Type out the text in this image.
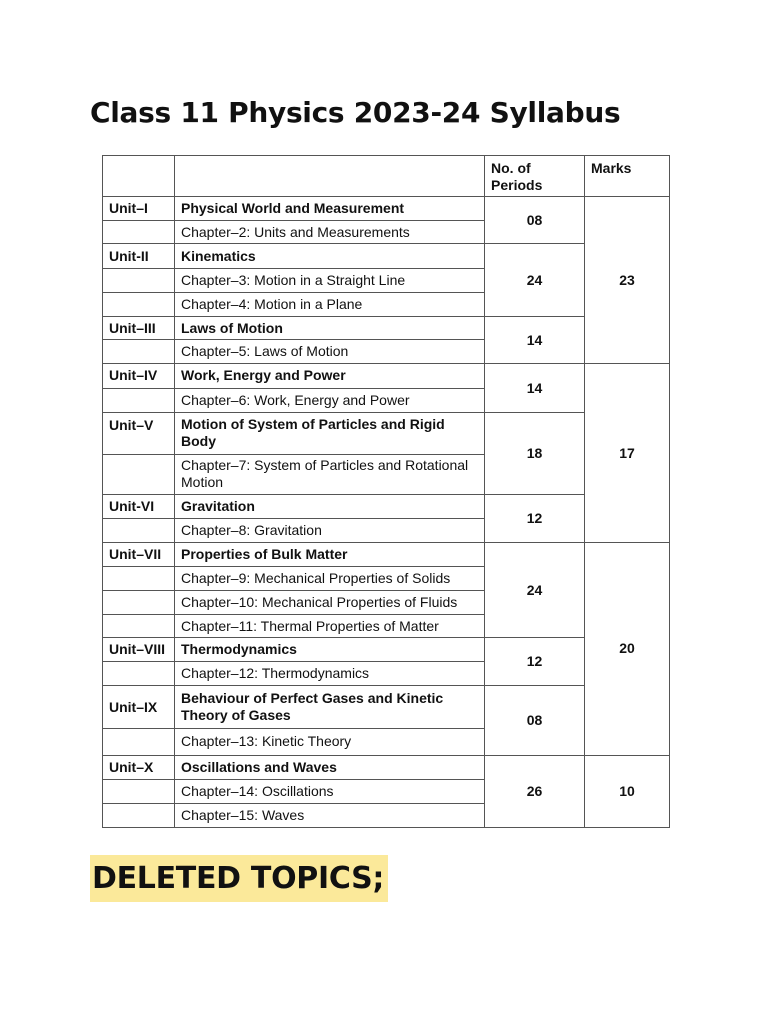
Class 11 Physics 2023-24 Syllabus
		No. of Periods	Marks
Unit–I	Physical World and Measurement	08	23
	Chapter–2: Units and Measurements		
Unit-II	Kinematics	24	
	Chapter–3: Motion in a Straight Line		
	Chapter–4: Motion in a Plane		
Unit–III	Laws of Motion	14	
	Chapter–5: Laws of Motion		
Unit–IV	Work, Energy and Power	14	17
	Chapter–6: Work, Energy and Power		
Unit–V	Motion of System of Particles and Rigid Body	18	
	Chapter–7: System of Particles and Rotational Motion		
Unit-VI	Gravitation	12	
	Chapter–8: Gravitation		
Unit–VII	Properties of Bulk Matter	24	20
	Chapter–9: Mechanical Properties of Solids		
	Chapter–10: Mechanical Properties of Fluids		
	Chapter–11: Thermal Properties of Matter		
Unit–VIII	Thermodynamics	12	
	Chapter–12: Thermodynamics		
Unit–IX	Behaviour of Perfect Gases and Kinetic Theory of Gases	08	
	Chapter–13: Kinetic Theory		
Unit–X	Oscillations and Waves	26	10
	Chapter–14: Oscillations		
	Chapter–15: Waves		
DELETED TOPICS;
